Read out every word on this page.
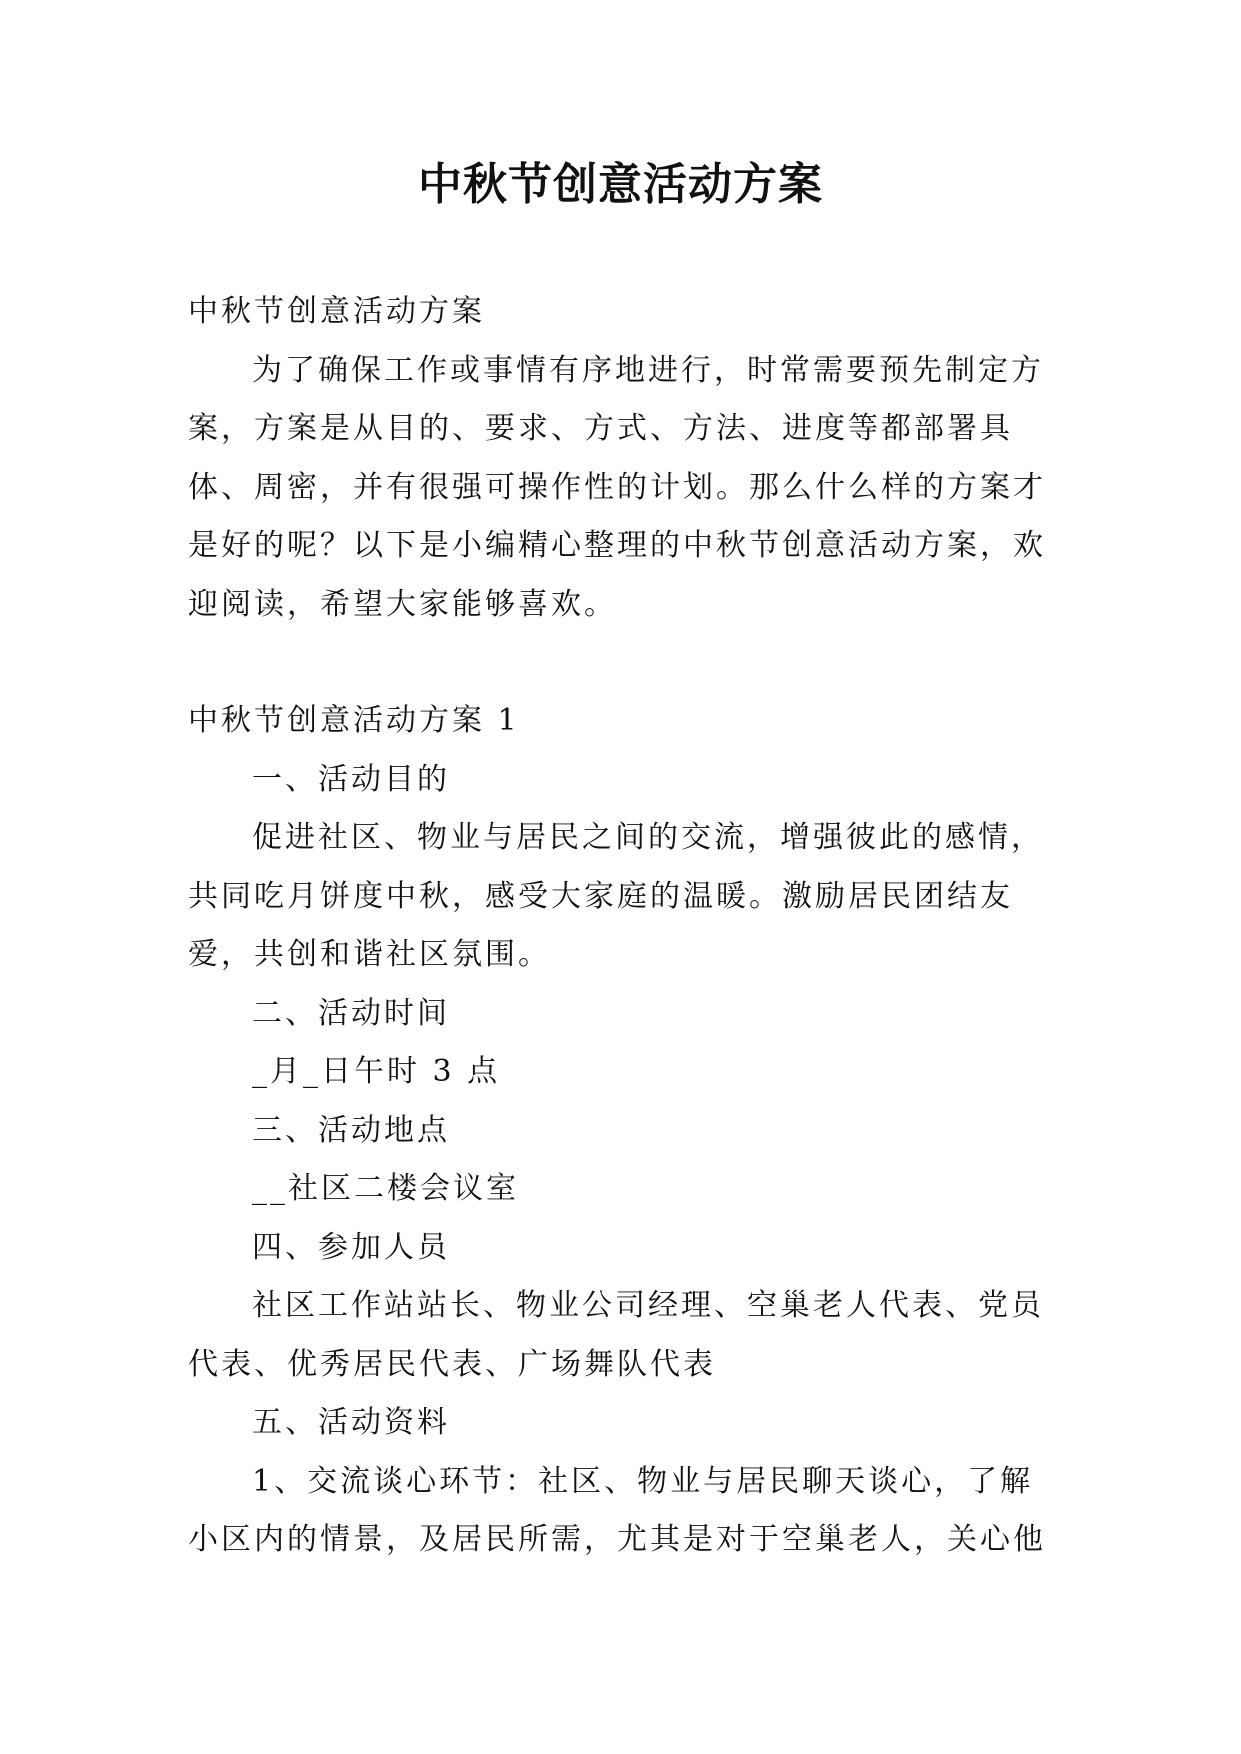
中秋节创意活动方案

中秋节创意活动方案

为了确保工作或事情有序地进行，时常需要预先制定方案，方案是从目的、要求、方式、方法、进度等都部署具体、周密，并有很强可操作性的计划。那么什么样的方案才是好的呢？以下是小编精心整理的中秋节创意活动方案，欢迎阅读，希望大家能够喜欢。

中秋节创意活动方案 1

一、活动目的

促进社区、物业与居民之间的交流，增强彼此的感情，共同吃月饼度中秋，感受大家庭的温暖。激励居民团结友爱，共创和谐社区氛围。

二、活动时间

_月_日午时 3 点

三、活动地点

__社区二楼会议室

四、参加人员

社区工作站站长、物业公司经理、空巢老人代表、党员代表、优秀居民代表、广场舞队代表

五、活动资料

1、交流谈心环节：社区、物业与居民聊天谈心，了解小区内的情景，及居民所需，尤其是对于空巢老人，关心他
